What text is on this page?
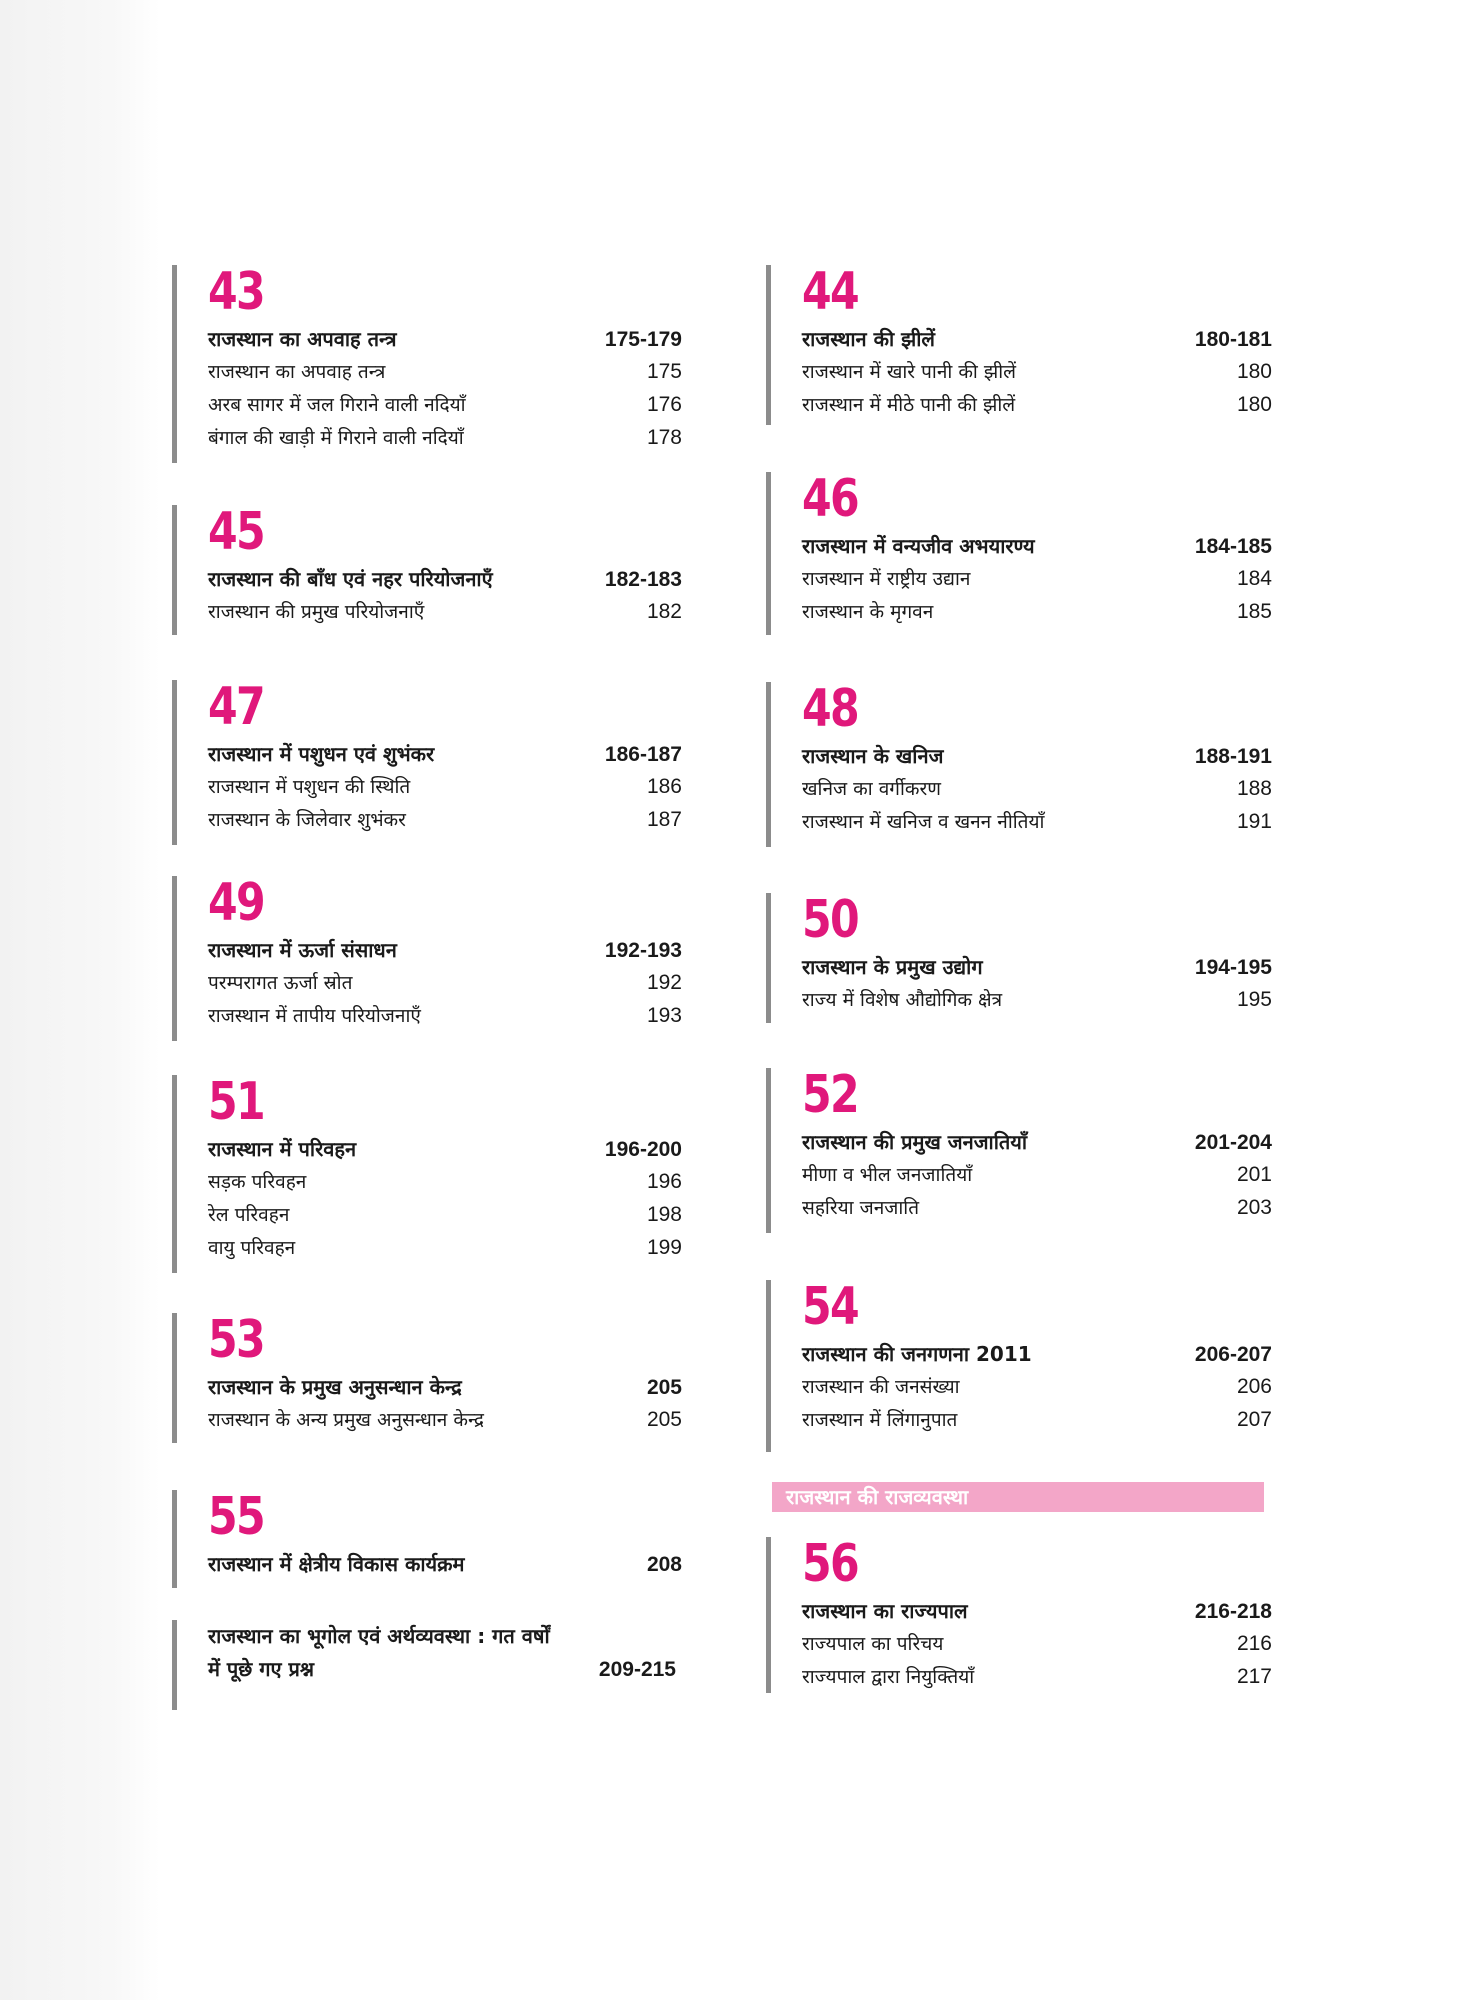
43
राजस्थान का अपवाह तन्त्र	175-179
राजस्थान का अपवाह तन्त्र	175
अरब सागर में जल गिराने वाली नदियाँ	176
बंगाल की खाड़ी में गिराने वाली नदियाँ	178
45
राजस्थान की बाँध एवं नहर परियोजनाएँ	182-183
राजस्थान की प्रमुख परियोजनाएँ	182
47
राजस्थान में पशुधन एवं शुभंकर	186-187
राजस्थान में पशुधन की स्थिति	186
राजस्थान के जिलेवार शुभंकर	187
49
राजस्थान में ऊर्जा संसाधन	192-193
परम्परागत ऊर्जा स्रोत	192
राजस्थान में तापीय परियोजनाएँ	193
51
राजस्थान में परिवहन	196-200
सड़क परिवहन	196
रेल परिवहन	198
वायु परिवहन	199
53
राजस्थान के प्रमुख अनुसन्धान केन्द्र	205
राजस्थान के अन्य प्रमुख अनुसन्धान केन्द्र	205
55
राजस्थान में क्षेत्रीय विकास कार्यक्रम	208
राजस्थान का भूगोल एवं अर्थव्यवस्था : गत वर्षों
में पूछे गए प्रश्न	209-215
44
राजस्थान की झीलें	180-181
राजस्थान में खारे पानी की झीलें	180
राजस्थान में मीठे पानी की झीलें	180
46
राजस्थान में वन्यजीव अभयारण्य	184-185
राजस्थान में राष्ट्रीय उद्यान	184
राजस्थान के मृगवन	185
48
राजस्थान के खनिज	188-191
खनिज का वर्गीकरण	188
राजस्थान में खनिज व खनन नीतियाँ	191
50
राजस्थान के प्रमुख उद्योग	194-195
राज्य में विशेष औद्योगिक क्षेत्र	195
52
राजस्थान की प्रमुख जनजातियाँ	201-204
मीणा व भील जनजातियाँ	201
सहरिया जनजाति	203
54
राजस्थान की जनगणना 2011	206-207
राजस्थान की जनसंख्या	206
राजस्थान में लिंगानुपात	207
राजस्थान की राजव्यवस्था
56
राजस्थान का राज्यपाल	216-218
राज्यपाल का परिचय	216
राज्यपाल द्वारा नियुक्तियाँ	217
